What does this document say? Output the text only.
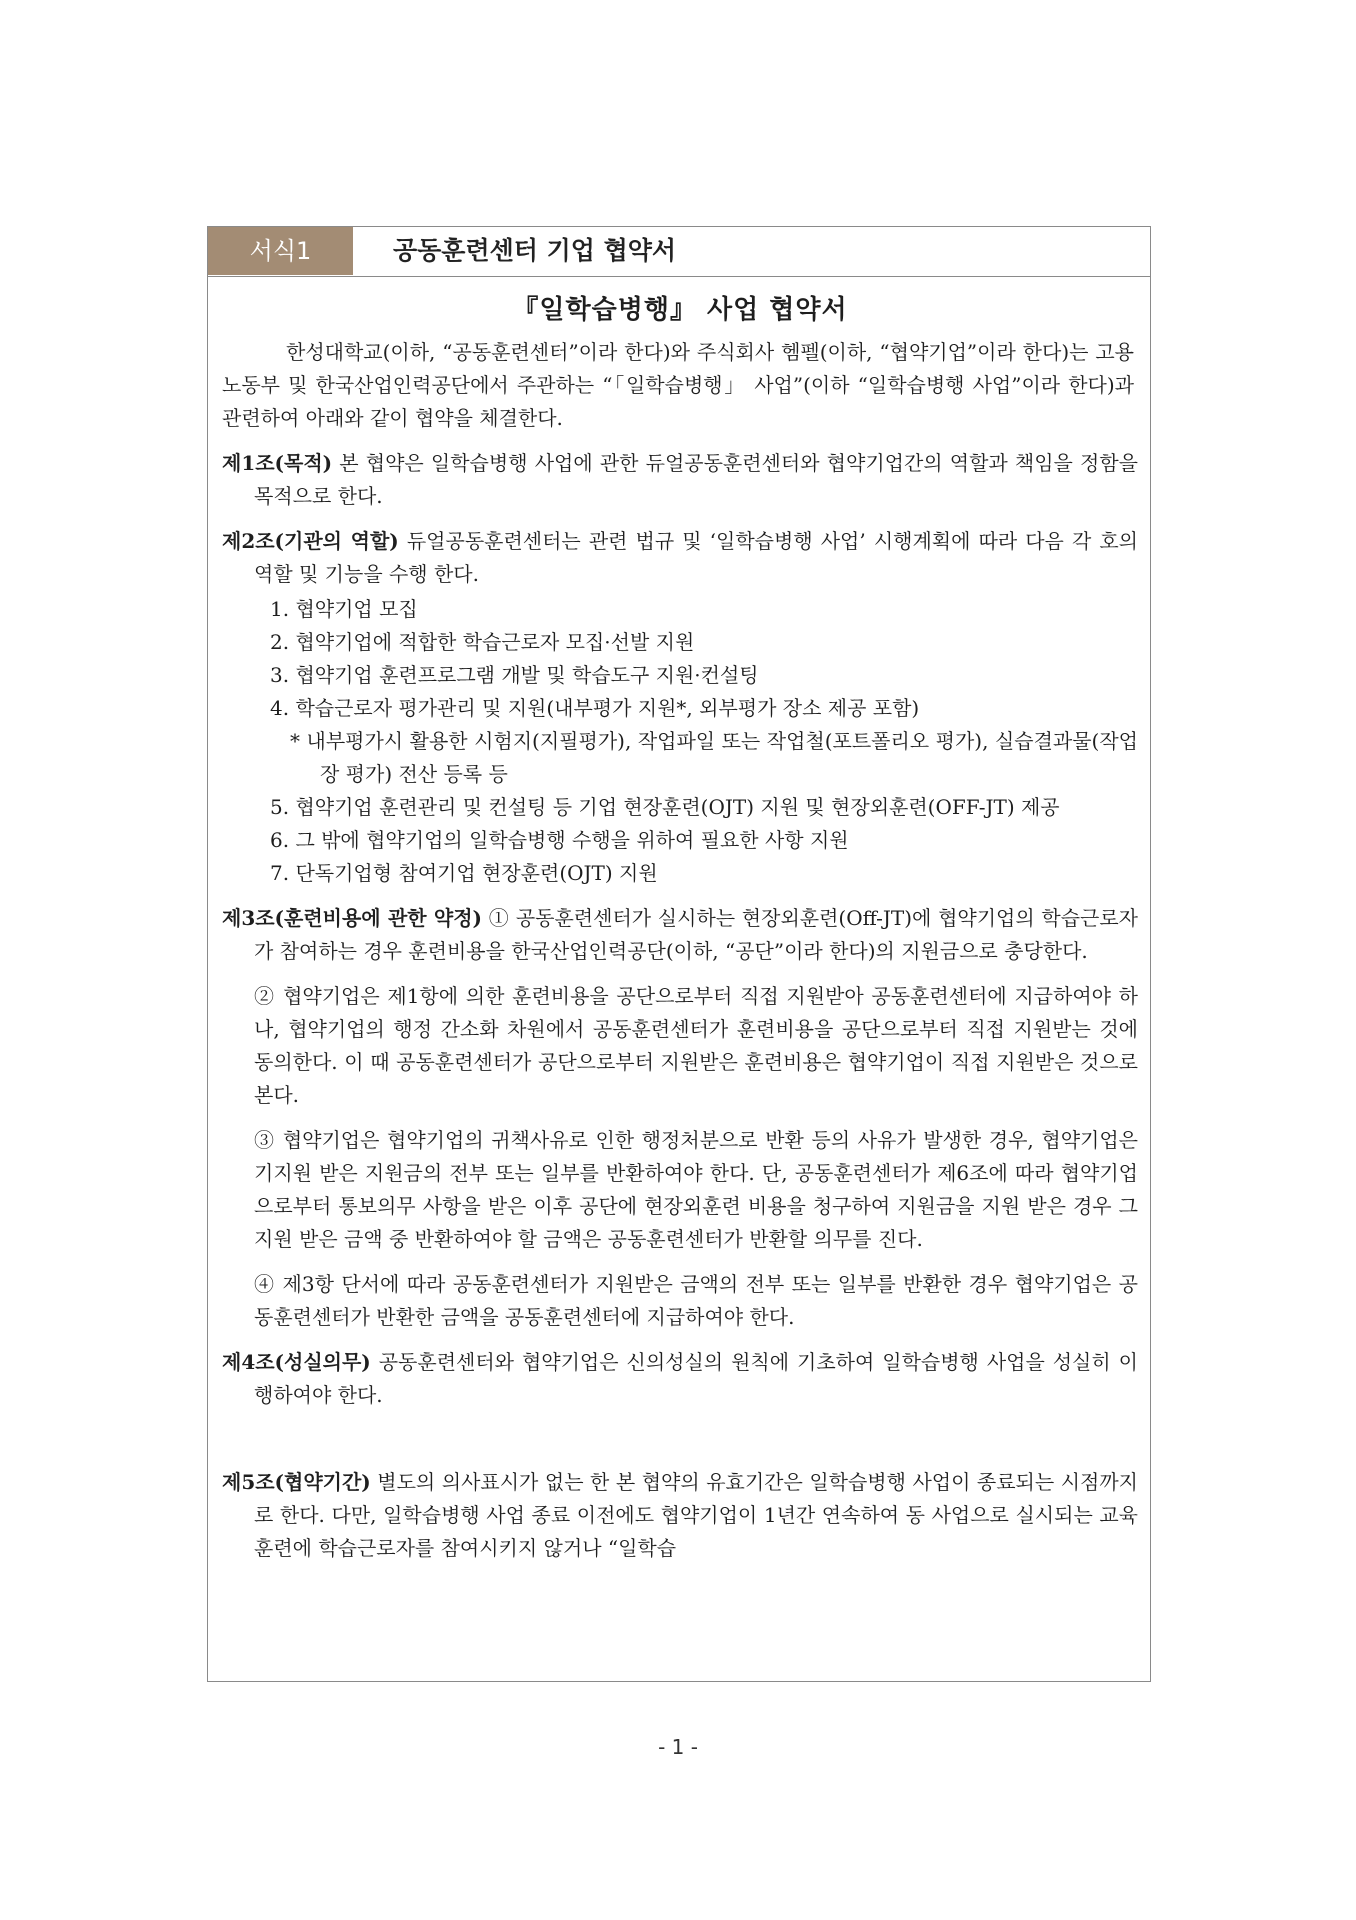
서식1	공동훈련센터 기업 협약서
『일학습병행』 사업 협약서

한성대학교(이하, “공동훈련센터”이라 한다)와 주식회사 헴펠(이하, “협약기업”이라 한다)는 고용노동부 및 한국산업인력공단에서 주관하는 “「일학습병행」 사업”(이하 “일학습병행 사업”이라 한다)과 관련하여 아래와 같이 협약을 체결한다.

제1조(목적) 본 협약은 일학습병행 사업에 관한 듀얼공동훈련센터와 협약기업간의 역할과 책임을 정함을 목적으로 한다.

제2조(기관의 역할) 듀얼공동훈련센터는 관련 법규 및 ‘일학습병행 사업’ 시행계획에 따라 다음 각 호의 역할 및 기능을 수행 한다.

1. 협약기업 모집
2. 협약기업에 적합한 학습근로자 모집·선발 지원
3. 협약기업 훈련프로그램 개발 및 학습도구 지원·컨설팅
4. 학습근로자 평가관리 및 지원(내부평가 지원*, 외부평가 장소 제공 포함)
* 내부평가시 활용한 시험지(지필평가), 작업파일 또는 작업철(포트폴리오 평가), 실습결과물(작업장 평가) 전산 등록 등
5. 협약기업 훈련관리 및 컨설팅 등 기업 현장훈련(OJT) 지원 및 현장외훈련(OFF-JT) 제공
6. 그 밖에 협약기업의 일학습병행 수행을 위하여 필요한 사항 지원
7. 단독기업형 참여기업 현장훈련(OJT) 지원

제3조(훈련비용에 관한 약정) ① 공동훈련센터가 실시하는 현장외훈련(Off-JT)에 협약기업의 학습근로자가 참여하는 경우 훈련비용을 한국산업인력공단(이하, “공단”이라 한다)의 지원금으로 충당한다.

② 협약기업은 제1항에 의한 훈련비용을 공단으로부터 직접 지원받아 공동훈련센터에 지급하여야 하나, 협약기업의 행정 간소화 차원에서 공동훈련센터가 훈련비용을 공단으로부터 직접 지원받는 것에 동의한다. 이 때 공동훈련센터가 공단으로부터 지원받은 훈련비용은 협약기업이 직접 지원받은 것으로 본다.

③ 협약기업은 협약기업의 귀책사유로 인한 행정처분으로 반환 등의 사유가 발생한 경우, 협약기업은 기지원 받은 지원금의 전부 또는 일부를 반환하여야 한다. 단, 공동훈련센터가 제6조에 따라 협약기업으로부터 통보의무 사항을 받은 이후 공단에 현장외훈련 비용을 청구하여 지원금을 지원 받은 경우 그 지원 받은 금액 중 반환하여야 할 금액은 공동훈련센터가 반환할 의무를 진다.

④ 제3항 단서에 따라 공동훈련센터가 지원받은 금액의 전부 또는 일부를 반환한 경우 협약기업은 공동훈련센터가 반환한 금액을 공동훈련센터에 지급하여야 한다.

제4조(성실의무) 공동훈련센터와 협약기업은 신의성실의 원칙에 기초하여 일학습병행 사업을 성실히 이행하여야 한다.

제5조(협약기간) 별도의 의사표시가 없는 한 본 협약의 유효기간은 일학습병행 사업이 종료되는 시점까지로 한다. 다만, 일학습병행 사업 종료 이전에도 협약기업이 1년간 연속하여 동 사업으로 실시되는 교육훈련에 학습근로자를 참여시키지 않거나 “일학습

- 1 -
